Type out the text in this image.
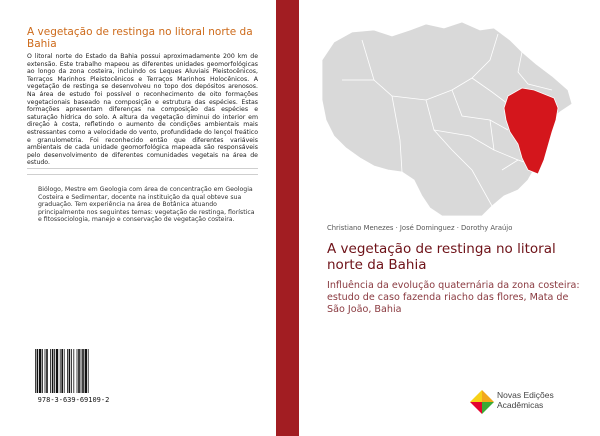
A vegetação de restinga no litoral norte da Bahia

O litoral norte do Estado da Bahia possui aproximadamente 200 km de extensão. Este trabalho mapeou as diferentes unidades geomorfológicas ao longo da zona costeira, incluindo os Leques Aluviais Pleistocênicos, Terraços Marinhos Pleistocênicos e Terraços Marinhos Holocênicos. A vegetação de restinga se desenvolveu no topo dos depósitos arenosos. Na área de estudo foi possível o reconhecimento de oito formações vegetacionais baseado na composição e estrutura das espécies. Estas formações apresentam diferenças na composição das espécies e saturação hídrica do solo. A altura da vegetação diminui do interior em direção à costa, refletindo o aumento de condições ambientais mais estressantes como a velocidade do vento, profundidade do lençol freático e granulometria. Foi reconhecido então que diferentes variáveis ambientais de cada unidade geomorfológica mapeada são responsáveis pelo desenvolvimento de diferentes comunidades vegetais na área de estudo.

Biólogo, Mestre em Geologia com área de concentração em Geologia Costeira e Sedimentar, docente na instituição da qual obteve sua graduação. Tem experiência na área de Botânica atuando principalmente nos seguintes temas: vegetação de restinga, florística e fitossociologia, manejo e conservação de vegetação costeira.

978-3-639-69109-2
Christiano Menezes · José Dominguez · Dorothy Araújo
A vegetação de restinga no litoral norte da Bahia

Influência da evolução quaternária da zona costeira: estudo de caso fazenda riacho das flores, Mata de São João, Bahia

Novas Edições
Acadêmicas
